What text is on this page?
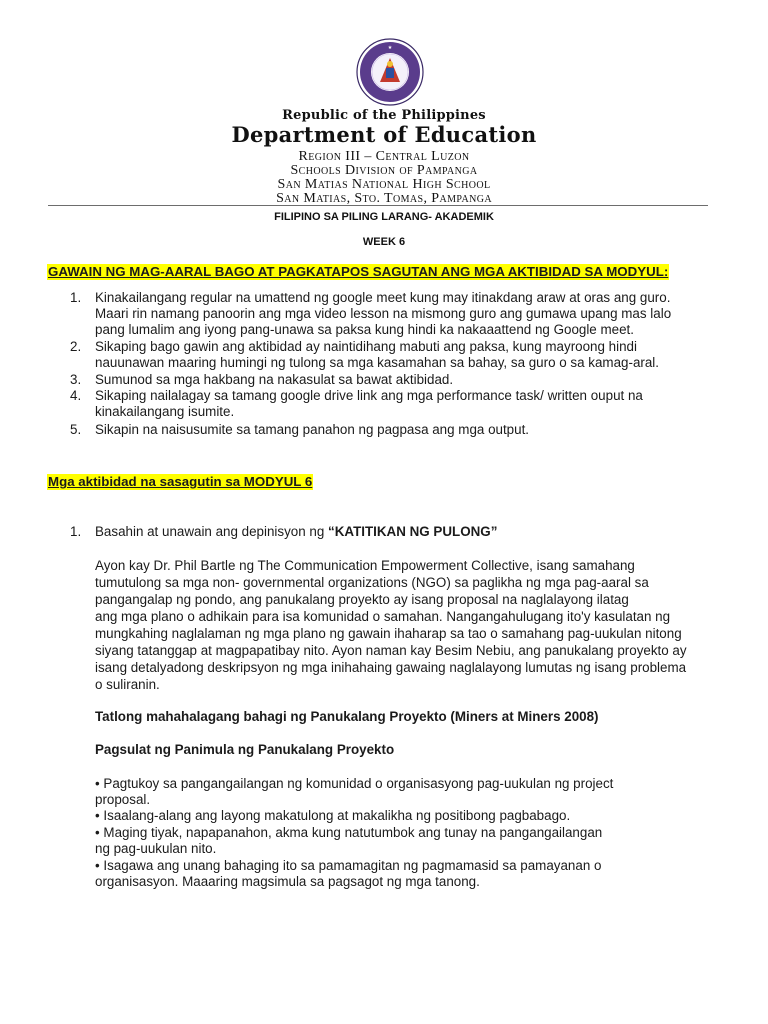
★
Republic of the Philippines
Department of Education
Region III – Central Luzon
Schools Division of Pampanga
San Matias National High School
San Matias, Sto. Tomas, Pampanga
FILIPINO SA PILING LARANG- AKADEMIK
WEEK 6
GAWAIN NG MAG-AARAL BAGO AT PAGKATAPOS SAGUTAN ANG MGA AKTIBIDAD SA MODYUL:
1. Kinakailangang regular na umattend ng google meet kung may itinakdang araw at oras ang guro.
Maari rin namang panoorin ang mga video lesson na mismong guro ang gumawa upang mas lalo
pang lumalim ang iyong pang-unawa sa paksa kung hindi ka nakaaattend ng Google meet.
2. Sikaping bago gawin ang aktibidad ay naintidihang mabuti ang paksa, kung mayroong hindi
nauunawan maaring humingi ng tulong sa mga kasamahan sa bahay, sa guro o sa kamag-aral.
3. Sumunod sa mga hakbang na nakasulat sa bawat aktibidad.
4. Sikaping nailalagay sa tamang google drive link ang mga performance task/ written ouput na
kinakailangang isumite.
5. Sikapin na naisusumite sa tamang panahon ng pagpasa ang mga output.
Mga aktibidad na sasagutin sa MODYUL 6
1. Basahin at unawain ang depinisyon ng “KATITIKAN NG PULONG”
Ayon kay Dr. Phil Bartle ng The Communication Empowerment Collective, isang samahang
tumutulong sa mga non- governmental organizations (NGO) sa paglikha ng mga pag-aaral sa
pangangalap ng pondo, ang panukalang proyekto ay isang proposal na naglalayong ilatag
ang mga plano o adhikain para isa komunidad o samahan. Nangangahulugang ito'y kasulatan ng
mungkahing naglalaman ng mga plano ng gawain ihaharap sa tao o samahang pag-uukulan nitong
siyang tatanggap at magpapatibay nito. Ayon naman kay Besim Nebiu, ang panukalang proyekto ay
isang detalyadong deskripsyon ng mga inihahaing gawaing naglalayong lumutas ng isang problema
o suliranin.
Tatlong mahahalagang bahagi ng Panukalang Proyekto (Miners at Miners 2008)
Pagsulat ng Panimula ng Panukalang Proyekto
• Pagtukoy sa pangangailangan ng komunidad o organisasyong pag-uukulan ng project
proposal.
• Isaalang-alang ang layong makatulong at makalikha ng positibong pagbabago.
• Maging tiyak, napapanahon, akma kung natutumbok ang tunay na pangangailangan
ng pag-uukulan nito.
• Isagawa ang unang bahaging ito sa pamamagitan ng pagmamasid sa pamayanan o
organisasyon. Maaaring magsimula sa pagsagot ng mga tanong.
